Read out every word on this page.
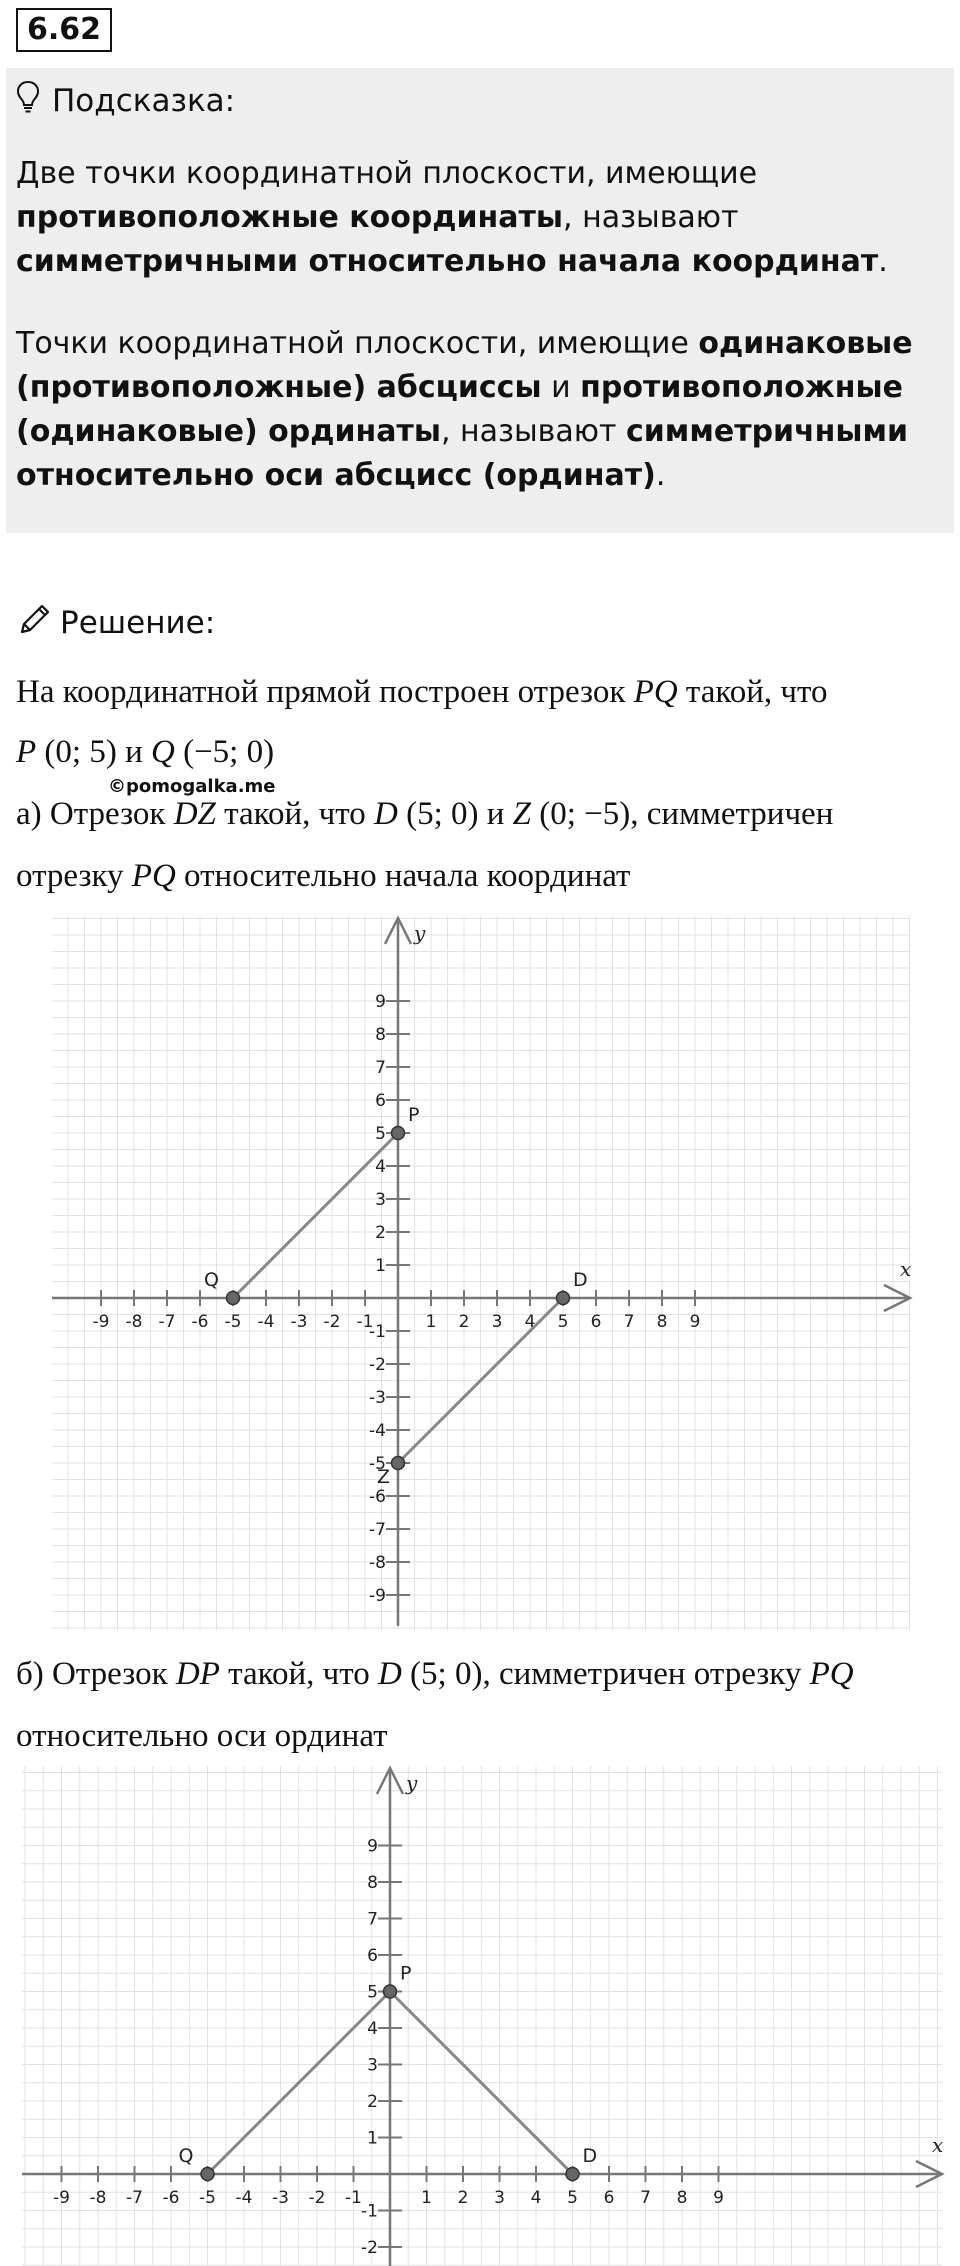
6.62
Подсказка:
Две точки координатной плоскости, имеющие противоположные координаты, называют симметричными относительно начала координат.
Точки координатной плоскости, имеющие одинаковые (противоположные) абсциссы и противоположные (одинаковые) ординаты, называют симметричными относительно оси абсцисс (ординат).
Решение:
На координатной прямой построен отрезок PQ такой, что
P (0; 5) и Q (−5; 0)
©pomogalka.me
а) Отрезок DZ такой, что D (5; 0) и Z (0; −5), симметричен
отрезку PQ относительно начала координат
x
y
-9 -8 -7 -6 -5 -4 -3 -2 -1	1 2 3 4 5 6 7 8 9
9
8
7
6
5
4
3
2
1
-1
-2
-3
-4
-5
-6
-7
-8
-9
Q
P
D
Z
б) Отрезок DP такой, что D (5; 0), симметричен отрезку PQ
относительно оси ординат
x
y
-9 -8 -7 -6 -5 -4 -3 -2 -1	1 2 3 4 5 6 7 8 9
9
8
7
6
5
4
3
2
1
-1
-2
Q
P
D
